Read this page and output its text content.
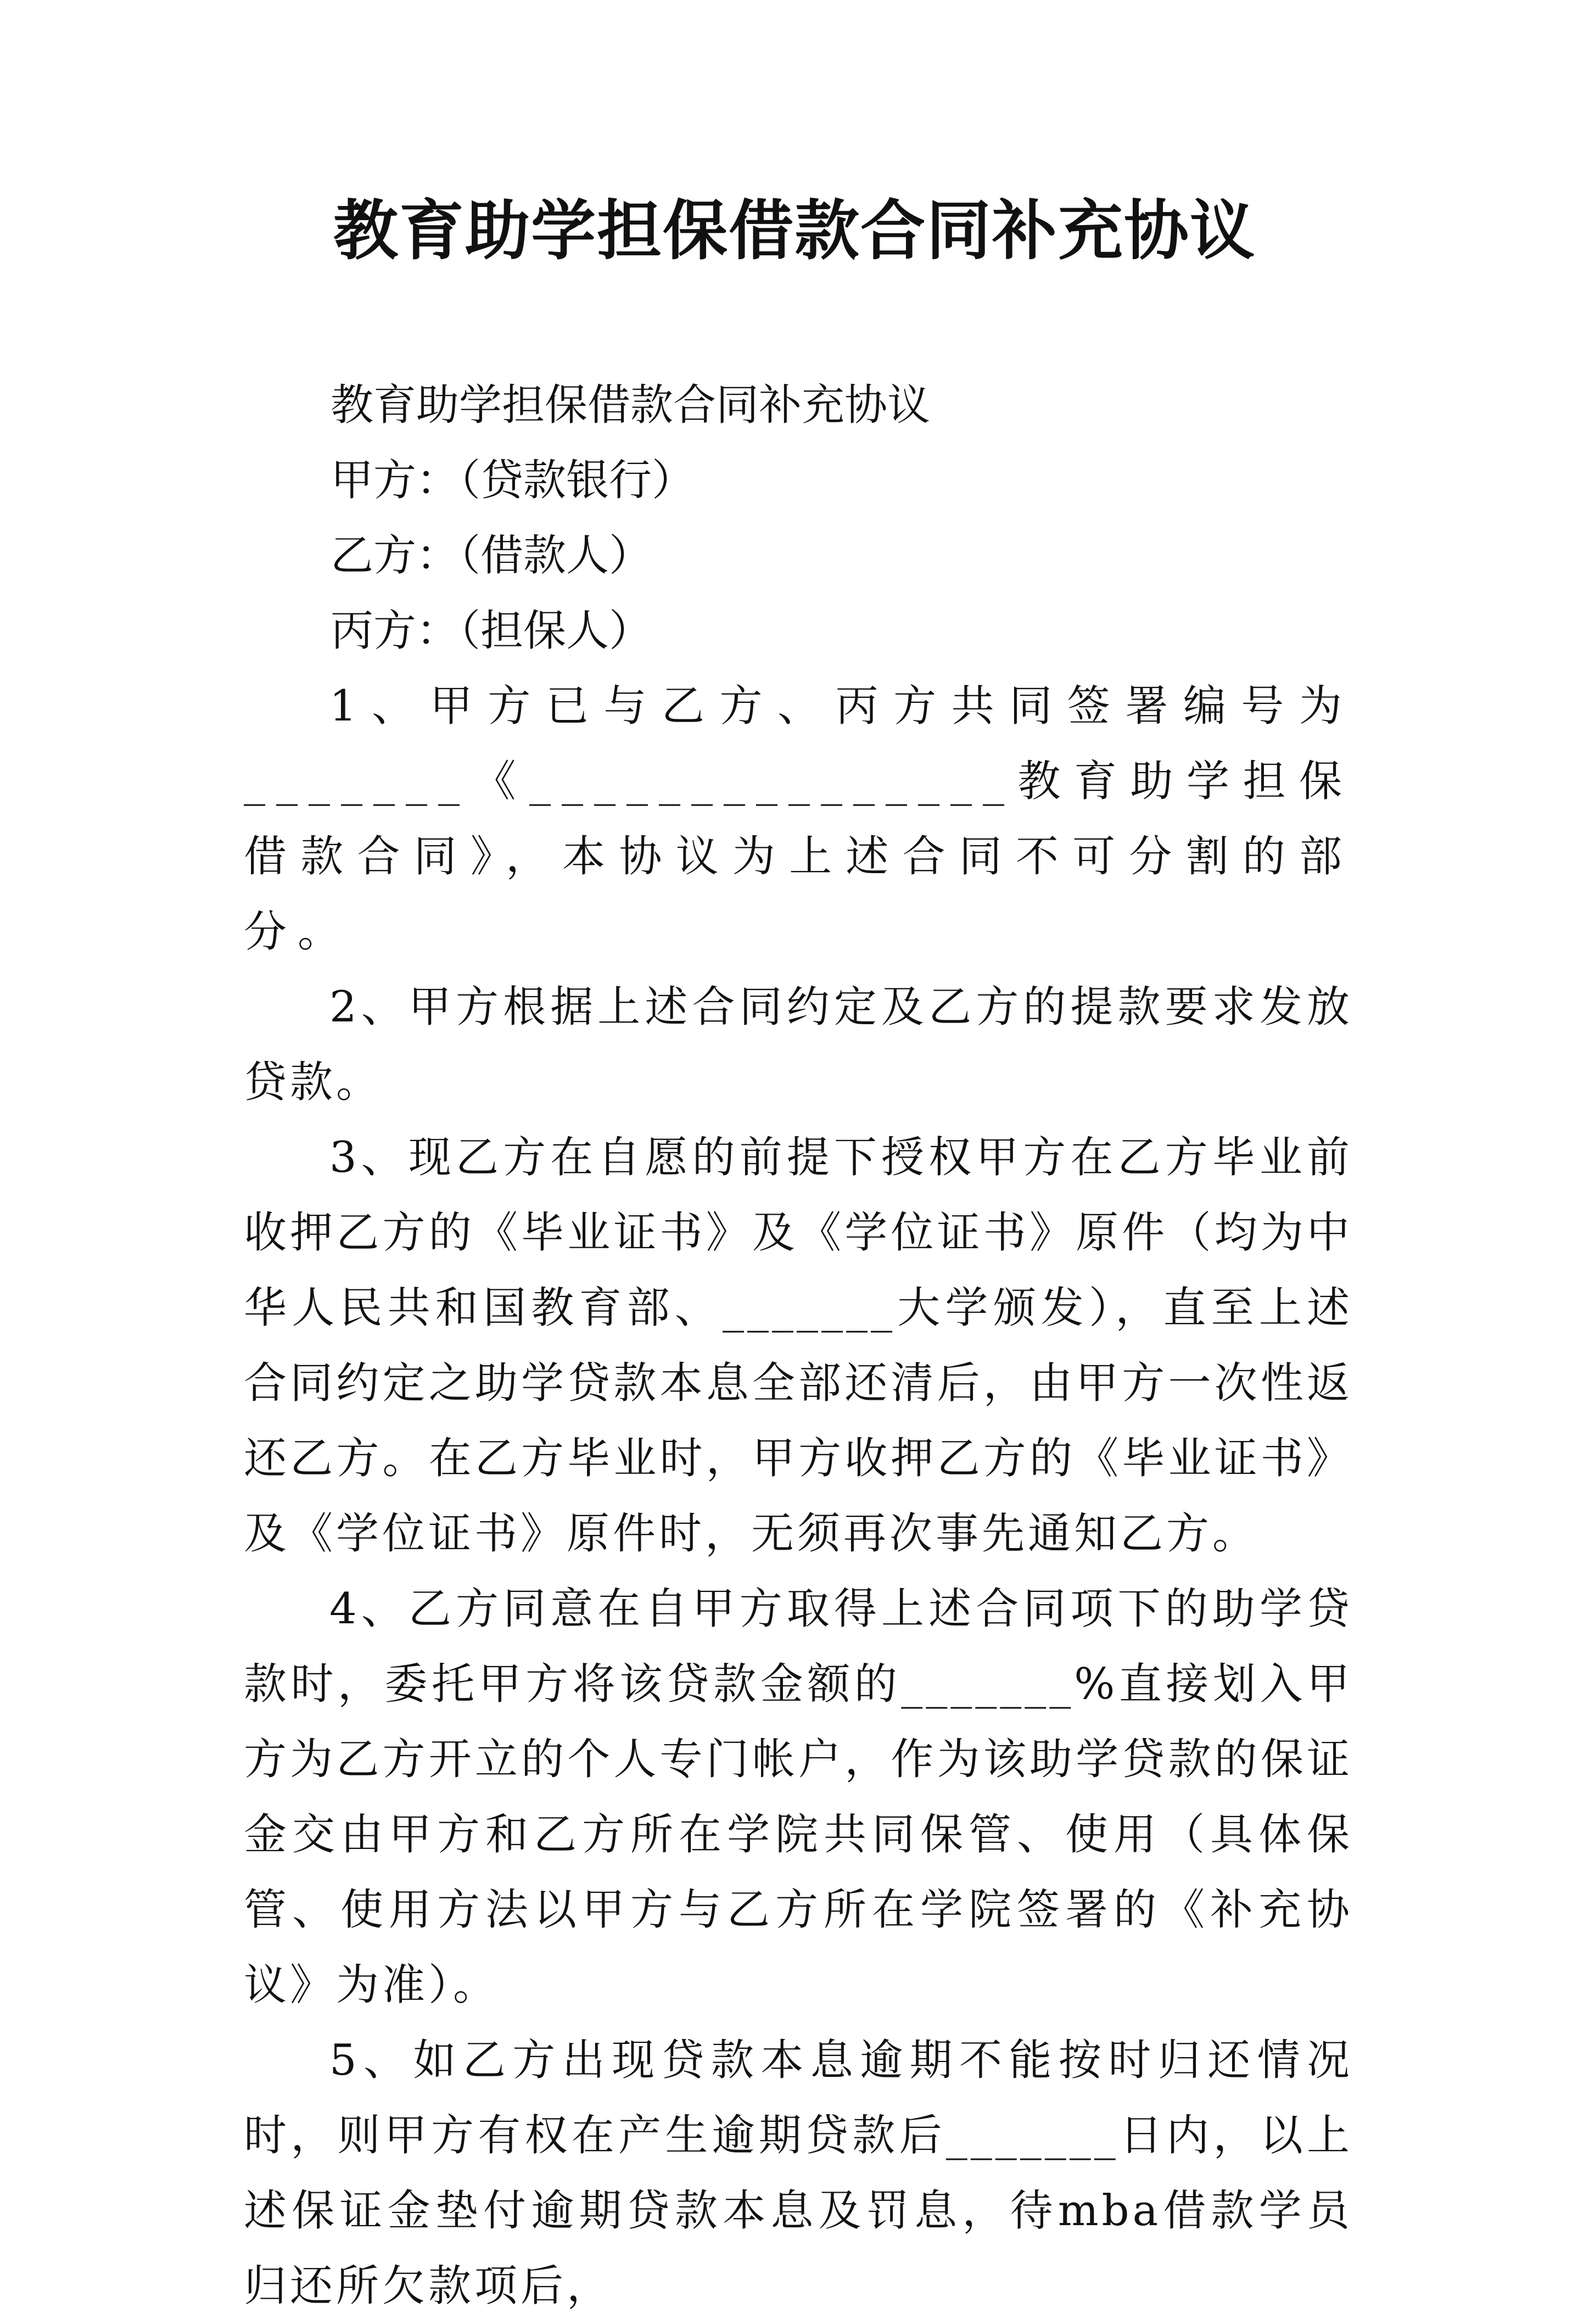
教育助学担保借款合同补充协议

教育助学担保借款合同补充协议

甲方：（贷款银行）

乙方：（借款人）

丙方：（担保人）

1、甲方已与乙方、丙方共同签署编号为_______《_______________教育助学担保借款合同》，本协议为上述合同不可分割的部分。

2、甲方根据上述合同约定及乙方的提款要求发放贷款。

3、现乙方在自愿的前提下授权甲方在乙方毕业前收押乙方的《毕业证书》及《学位证书》原件（均为中华人民共和国教育部、_______大学颁发），直至上述合同约定之助学贷款本息全部还清后，由甲方一次性返还乙方。在乙方毕业时，甲方收押乙方的《毕业证书》及《学位证书》原件时，无须再次事先通知乙方。

4、乙方同意在自甲方取得上述合同项下的助学贷款时，委托甲方将该贷款金额的_______%直接划入甲方为乙方开立的个人专门帐户，作为该助学贷款的保证金交由甲方和乙方所在学院共同保管、使用（具体保管、使用方法以甲方与乙方所在学院签署的《补充协议》为准）。

5、如乙方出现贷款本息逾期不能按时归还情况时，则甲方有权在产生逾期贷款后_______日内，以上述保证金垫付逾期贷款本息及罚息，待mba借款学员归还所欠款项后，
